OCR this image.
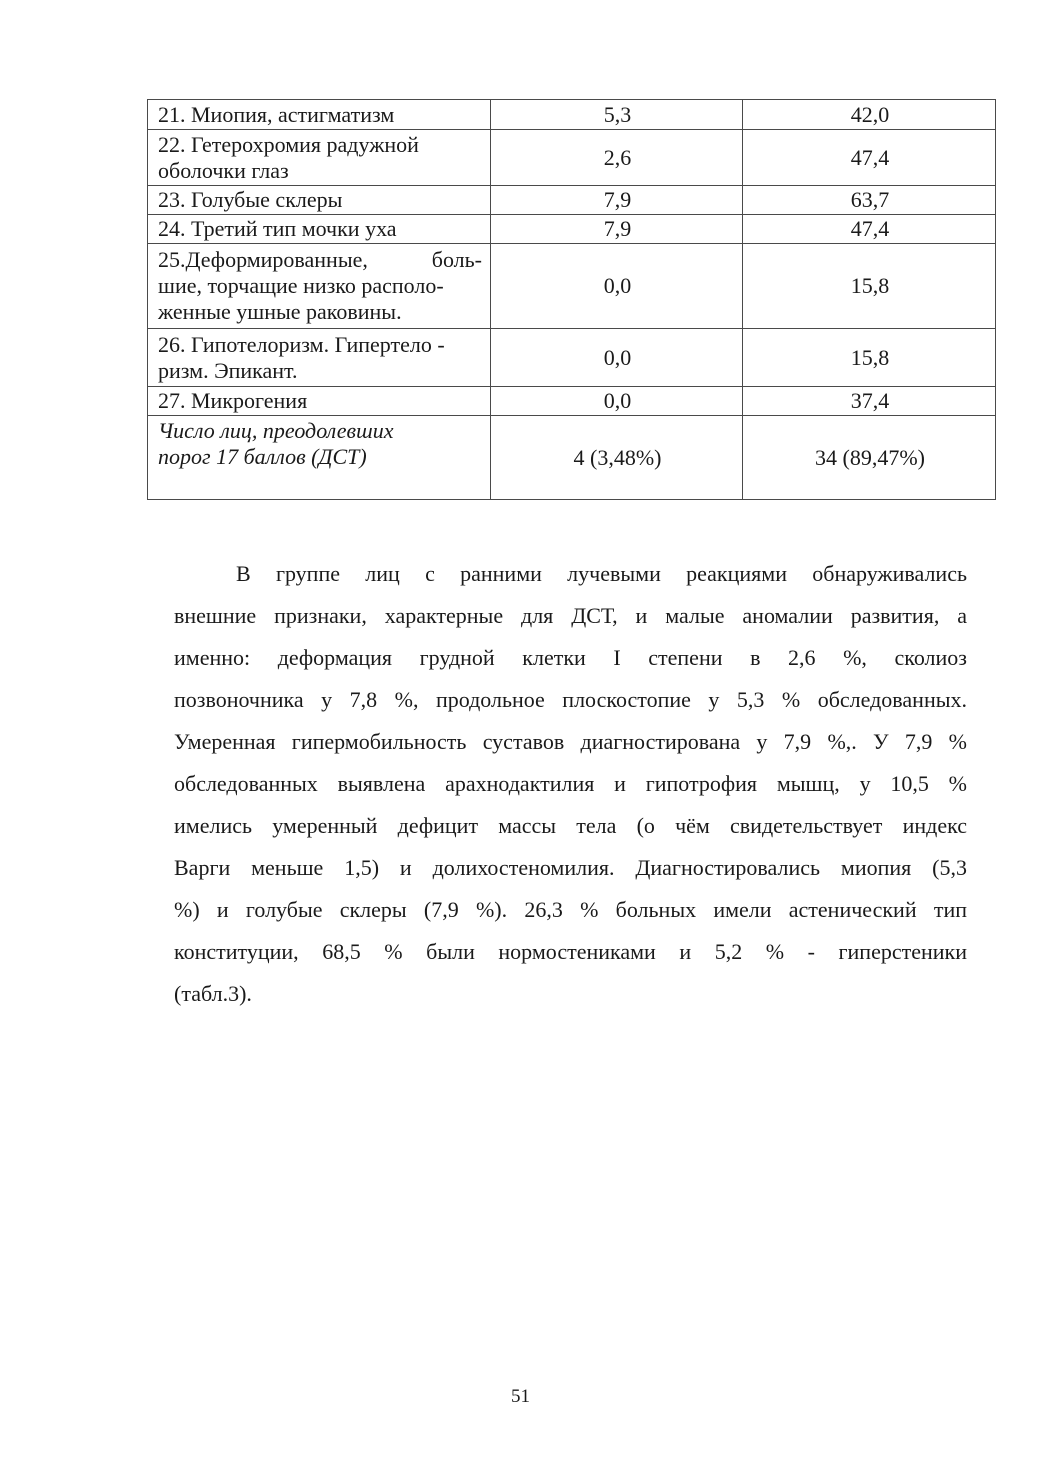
21. Миопия, астигматизм	5,3	42,0

22. Гетерохромия радужной
оболочки глаз	2,6	47,4
23. Голубые склеры	7,9	63,7
24. Третий тип мочки уха	7,9	47,4

25.Деформированные, боль-
шие, торчащие низко располо-
женные ушные раковины.	0,0	15,8

26. Гипотелоризм. Гипертело -
ризм. Эпикант.	0,0	15,8
27. Микрогения	0,0	37,4

Число лиц, преодолевших
порог 17 баллов (ДСТ)	4 (3,48%)	34 (89,47%)
В группе лиц с ранними лучевыми реакциями обнаруживались
внешние признаки, характерные для ДСТ, и малые аномалии развития, а
именно: деформация грудной клетки I степени в 2,6 %, сколиоз
позвоночника у 7,8 %, продольное плоскостопие у 5,3 % обследованных.
Умеренная гипермобильность суставов диагностирована у 7,9 %,. У 7,9 %
обследованных выявлена арахнодактилия и гипотрофия мышц, у 10,5 %
имелись умеренный дефицит массы тела (о чём свидетельствует индекс
Варги меньше 1,5) и долихостеномилия. Диагностировались миопия (5,3
%) и голубые склеры (7,9 %). 26,3 % больных имели астенический тип
конституции, 68,5 % были нормостениками и 5,2 % - гиперстеники
(табл.3).
51
